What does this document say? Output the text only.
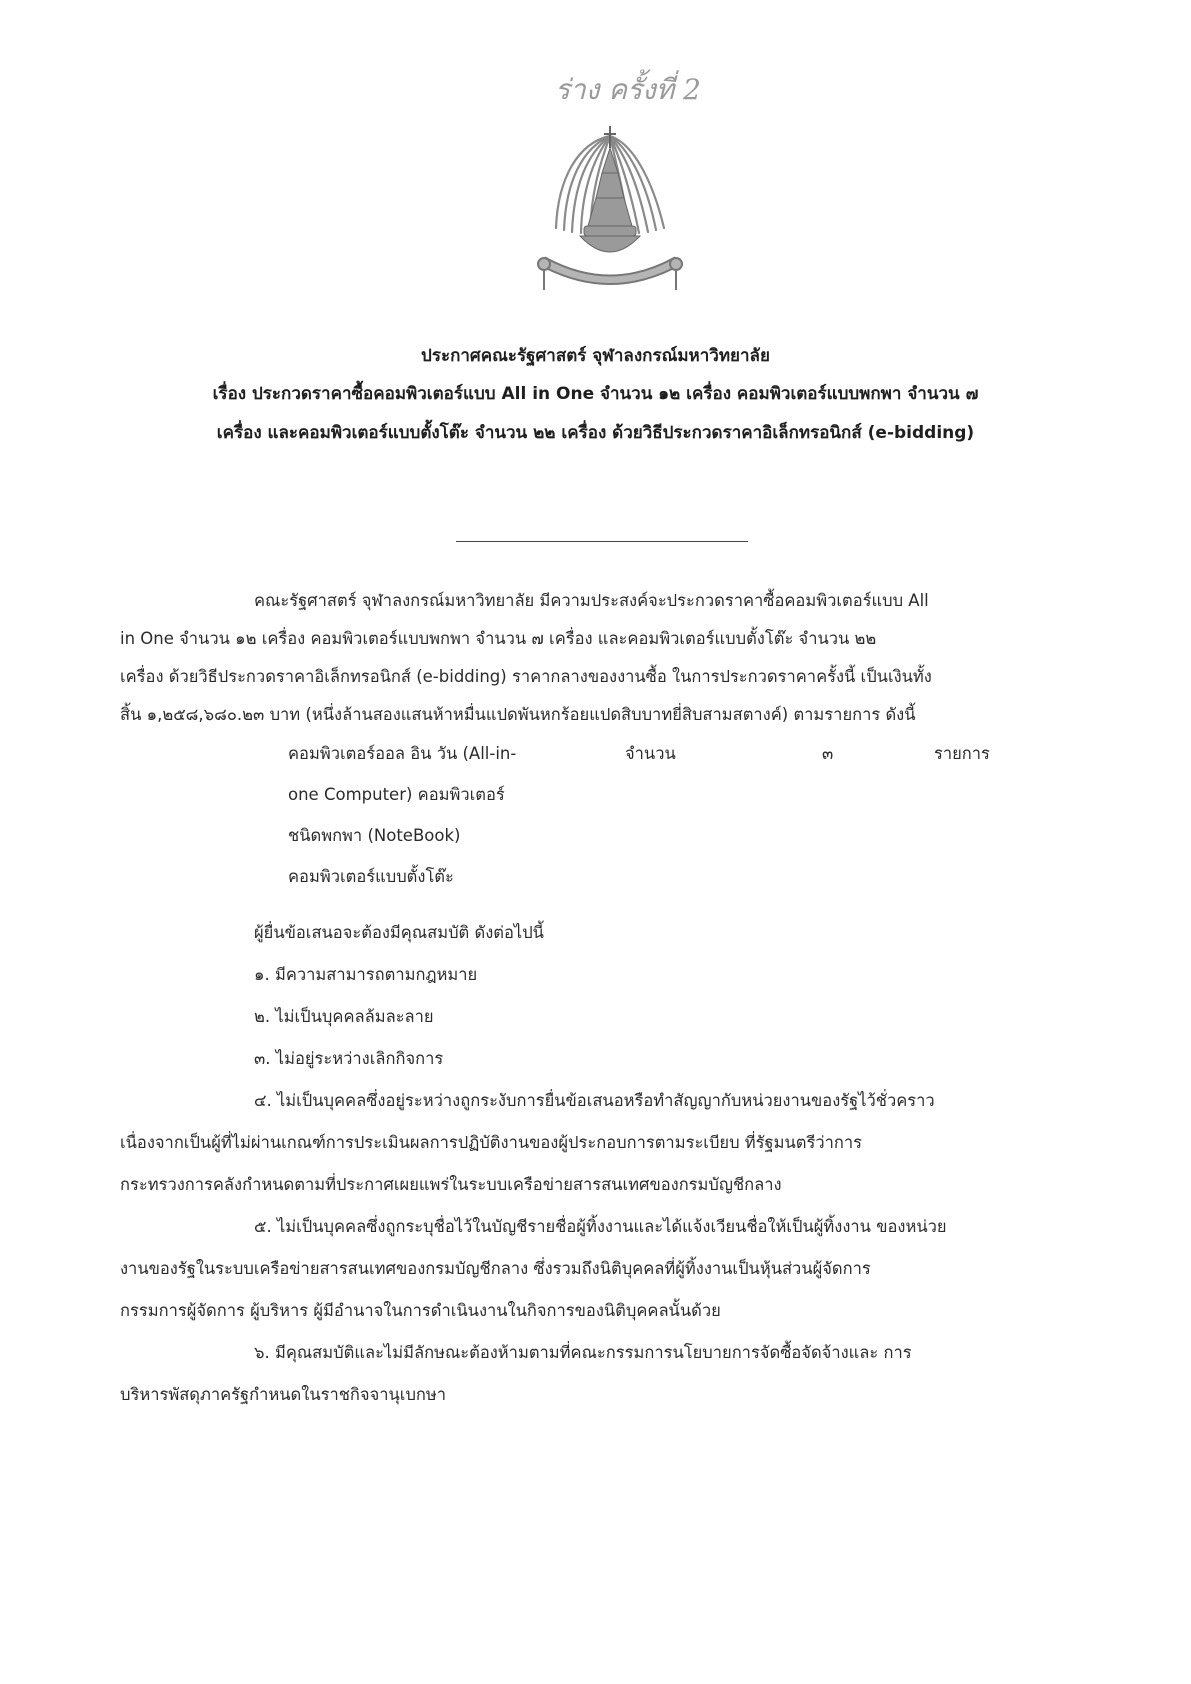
ร่าง ครั้งที่ 2
ประกาศคณะรัฐศาสตร์ จุฬาลงกรณ์มหาวิทยาลัย
เรื่อง ประกวดราคาซื้อคอมพิวเตอร์แบบ All in One จำนวน ๑๒ เครื่อง คอมพิวเตอร์แบบพกพา จำนวน ๗
เครื่อง และคอมพิวเตอร์แบบตั้งโต๊ะ จำนวน ๒๒ เครื่อง ด้วยวิธีประกวดราคาอิเล็กทรอนิกส์ (e-bidding)
คณะรัฐศาสตร์ จุฬาลงกรณ์มหาวิทยาลัย มีความประสงค์จะประกวดราคาซื้อคอมพิวเตอร์แบบ All
in One จำนวน ๑๒ เครื่อง คอมพิวเตอร์แบบพกพา จำนวน ๗ เครื่อง และคอมพิวเตอร์แบบตั้งโต๊ะ จำนวน ๒๒
เครื่อง ด้วยวิธีประกวดราคาอิเล็กทรอนิกส์ (e-bidding) ราคากลางของงานซื้อ ในการประกวดราคาครั้งนี้ เป็นเงินทั้ง
สิ้น ๑,๒๕๘,๖๘๐.๒๓ บาท (หนึ่งล้านสองแสนห้าหมื่นแปดพันหกร้อยแปดสิบบาทยี่สิบสามสตางค์) ตามรายการ ดังนี้
คอมพิวเตอร์ออล อิน วัน (All-in-	จำนวน	๓	รายการ
one Computer) คอมพิวเตอร์
ชนิดพกพา (NoteBook)
คอมพิวเตอร์แบบตั้งโต๊ะ
ผู้ยื่นข้อเสนอจะต้องมีคุณสมบัติ ดังต่อไปนี้
๑. มีความสามารถตามกฎหมาย
๒. ไม่เป็นบุคคลล้มละลาย
๓. ไม่อยู่ระหว่างเลิกกิจการ
๔. ไม่เป็นบุคคลซึ่งอยู่ระหว่างถูกระงับการยื่นข้อเสนอหรือทำสัญญากับหน่วยงานของรัฐไว้ชั่วคราว
เนื่องจากเป็นผู้ที่ไม่ผ่านเกณฑ์การประเมินผลการปฏิบัติงานของผู้ประกอบการตามระเบียบ ที่รัฐมนตรีว่าการ
กระทรวงการคลังกำหนดตามที่ประกาศเผยแพร่ในระบบเครือข่ายสารสนเทศของกรมบัญชีกลาง
๕. ไม่เป็นบุคคลซึ่งถูกระบุชื่อไว้ในบัญชีรายชื่อผู้ทิ้งงานและได้แจ้งเวียนชื่อให้เป็นผู้ทิ้งงาน ของหน่วย
งานของรัฐในระบบเครือข่ายสารสนเทศของกรมบัญชีกลาง ซึ่งรวมถึงนิติบุคคลที่ผู้ทิ้งงานเป็นหุ้นส่วนผู้จัดการ
กรรมการผู้จัดการ ผู้บริหาร ผู้มีอำนาจในการดำเนินงานในกิจการของนิติบุคคลนั้นด้วย
๖. มีคุณสมบัติและไม่มีลักษณะต้องห้ามตามที่คณะกรรมการนโยบายการจัดซื้อจัดจ้างและ การ
บริหารพัสดุภาครัฐกำหนดในราชกิจจานุเบกษา
